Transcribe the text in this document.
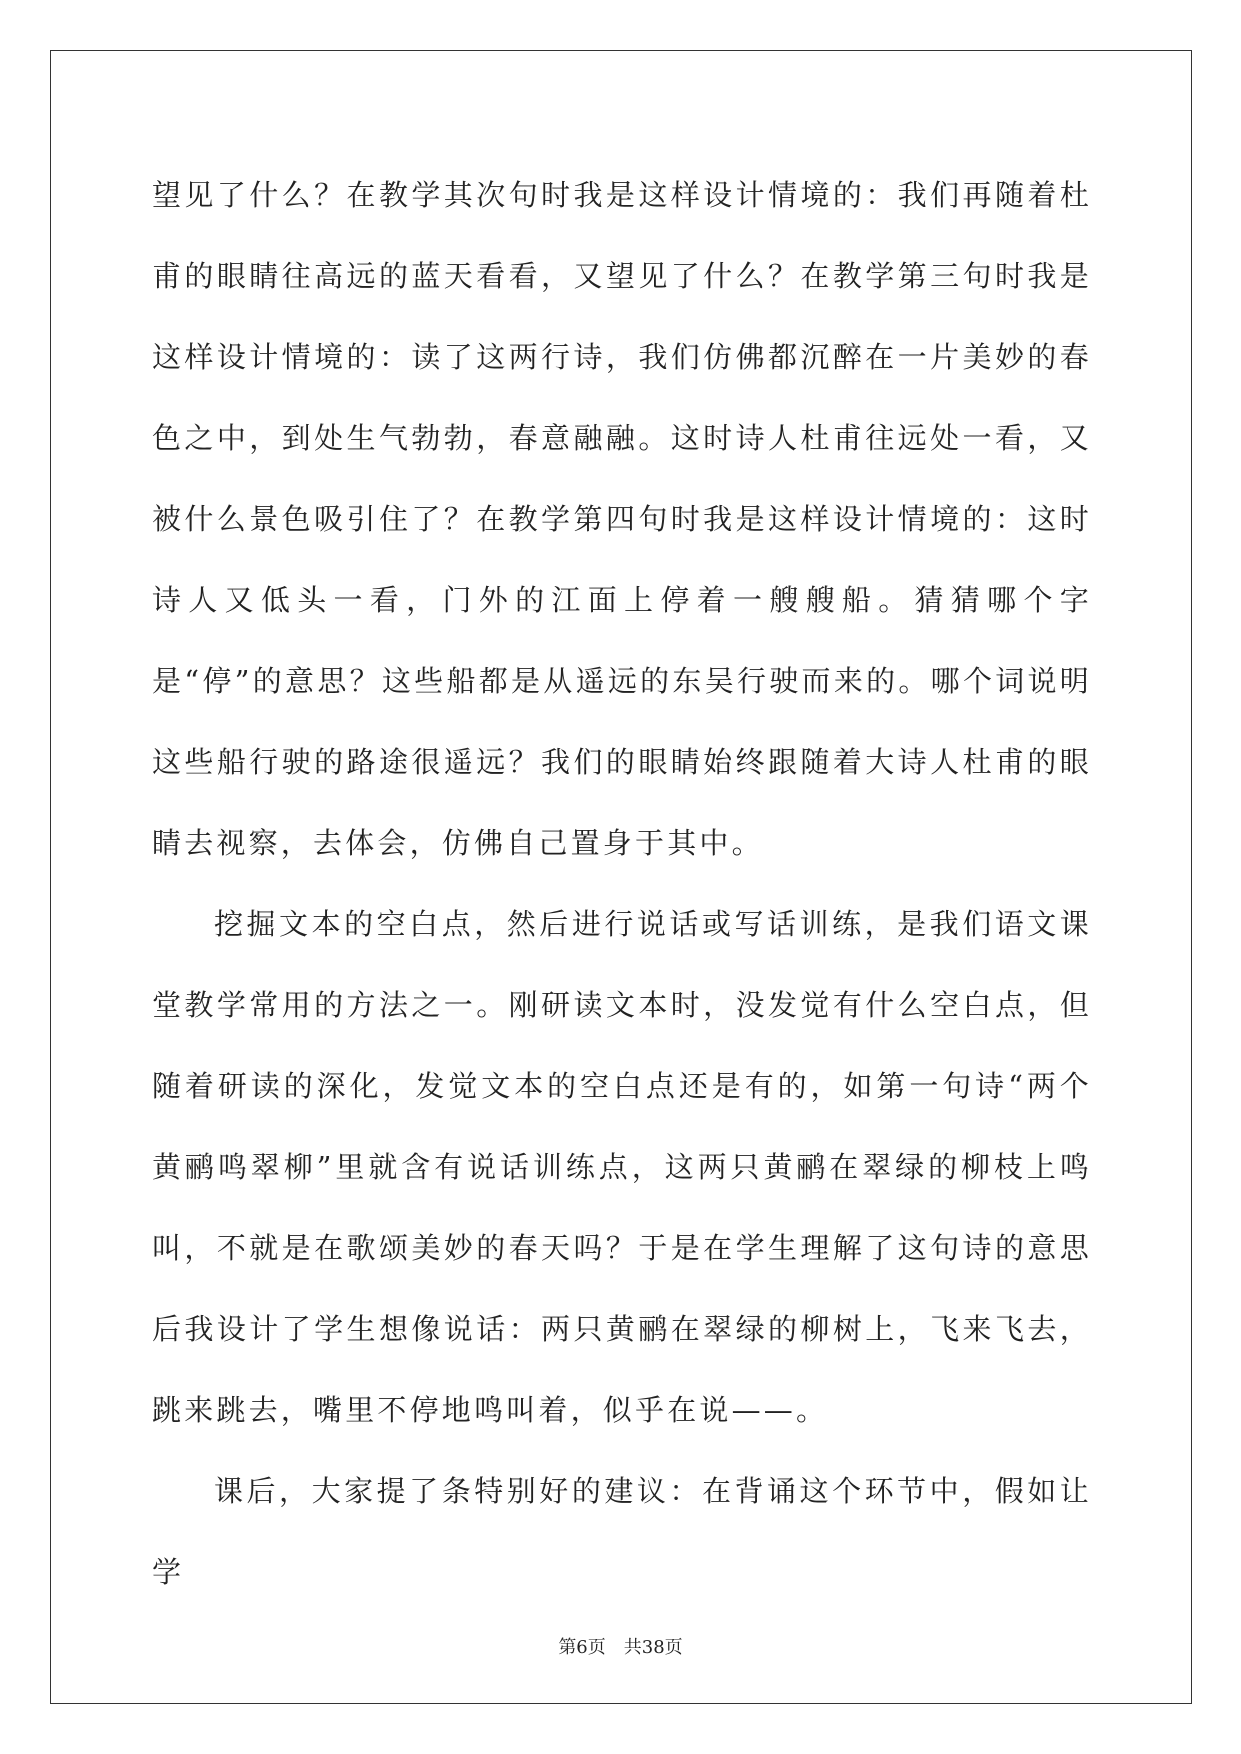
望见了什么？在教学其次句时我是这样设计情境的：我们再随着杜甫的眼睛往高远的蓝天看看，又望见了什么？在教学第三句时我是这样设计情境的：读了这两行诗，我们仿佛都沉醉在一片美妙的春色之中，到处生气勃勃，春意融融。这时诗人杜甫往远处一看，又被什么景色吸引住了？在教学第四句时我是这样设计情境的：这时诗人又低头一看，门外的江面上停着一艘艘船。猜猜哪个字是“停”的意思？这些船都是从遥远的东吴行驶而来的。哪个词说明这些船行驶的路途很遥远？我们的眼睛始终跟随着大诗人杜甫的眼睛去视察，去体会，仿佛自己置身于其中。

挖掘文本的空白点，然后进行说话或写话训练，是我们语文课堂教学常用的方法之一。刚研读文本时，没发觉有什么空白点，但随着研读的深化，发觉文本的空白点还是有的，如第一句诗“两个黄鹂鸣翠柳”里就含有说话训练点，这两只黄鹂在翠绿的柳枝上鸣叫，不就是在歌颂美妙的春天吗？于是在学生理解了这句诗的意思后我设计了学生想像说话：两只黄鹂在翠绿的柳树上，飞来飞去，跳来跳去，嘴里不停地鸣叫着，似乎在说——。

课后，大家提了条特别好的建议：在背诵这个环节中，假如让学

第6页 共38页
